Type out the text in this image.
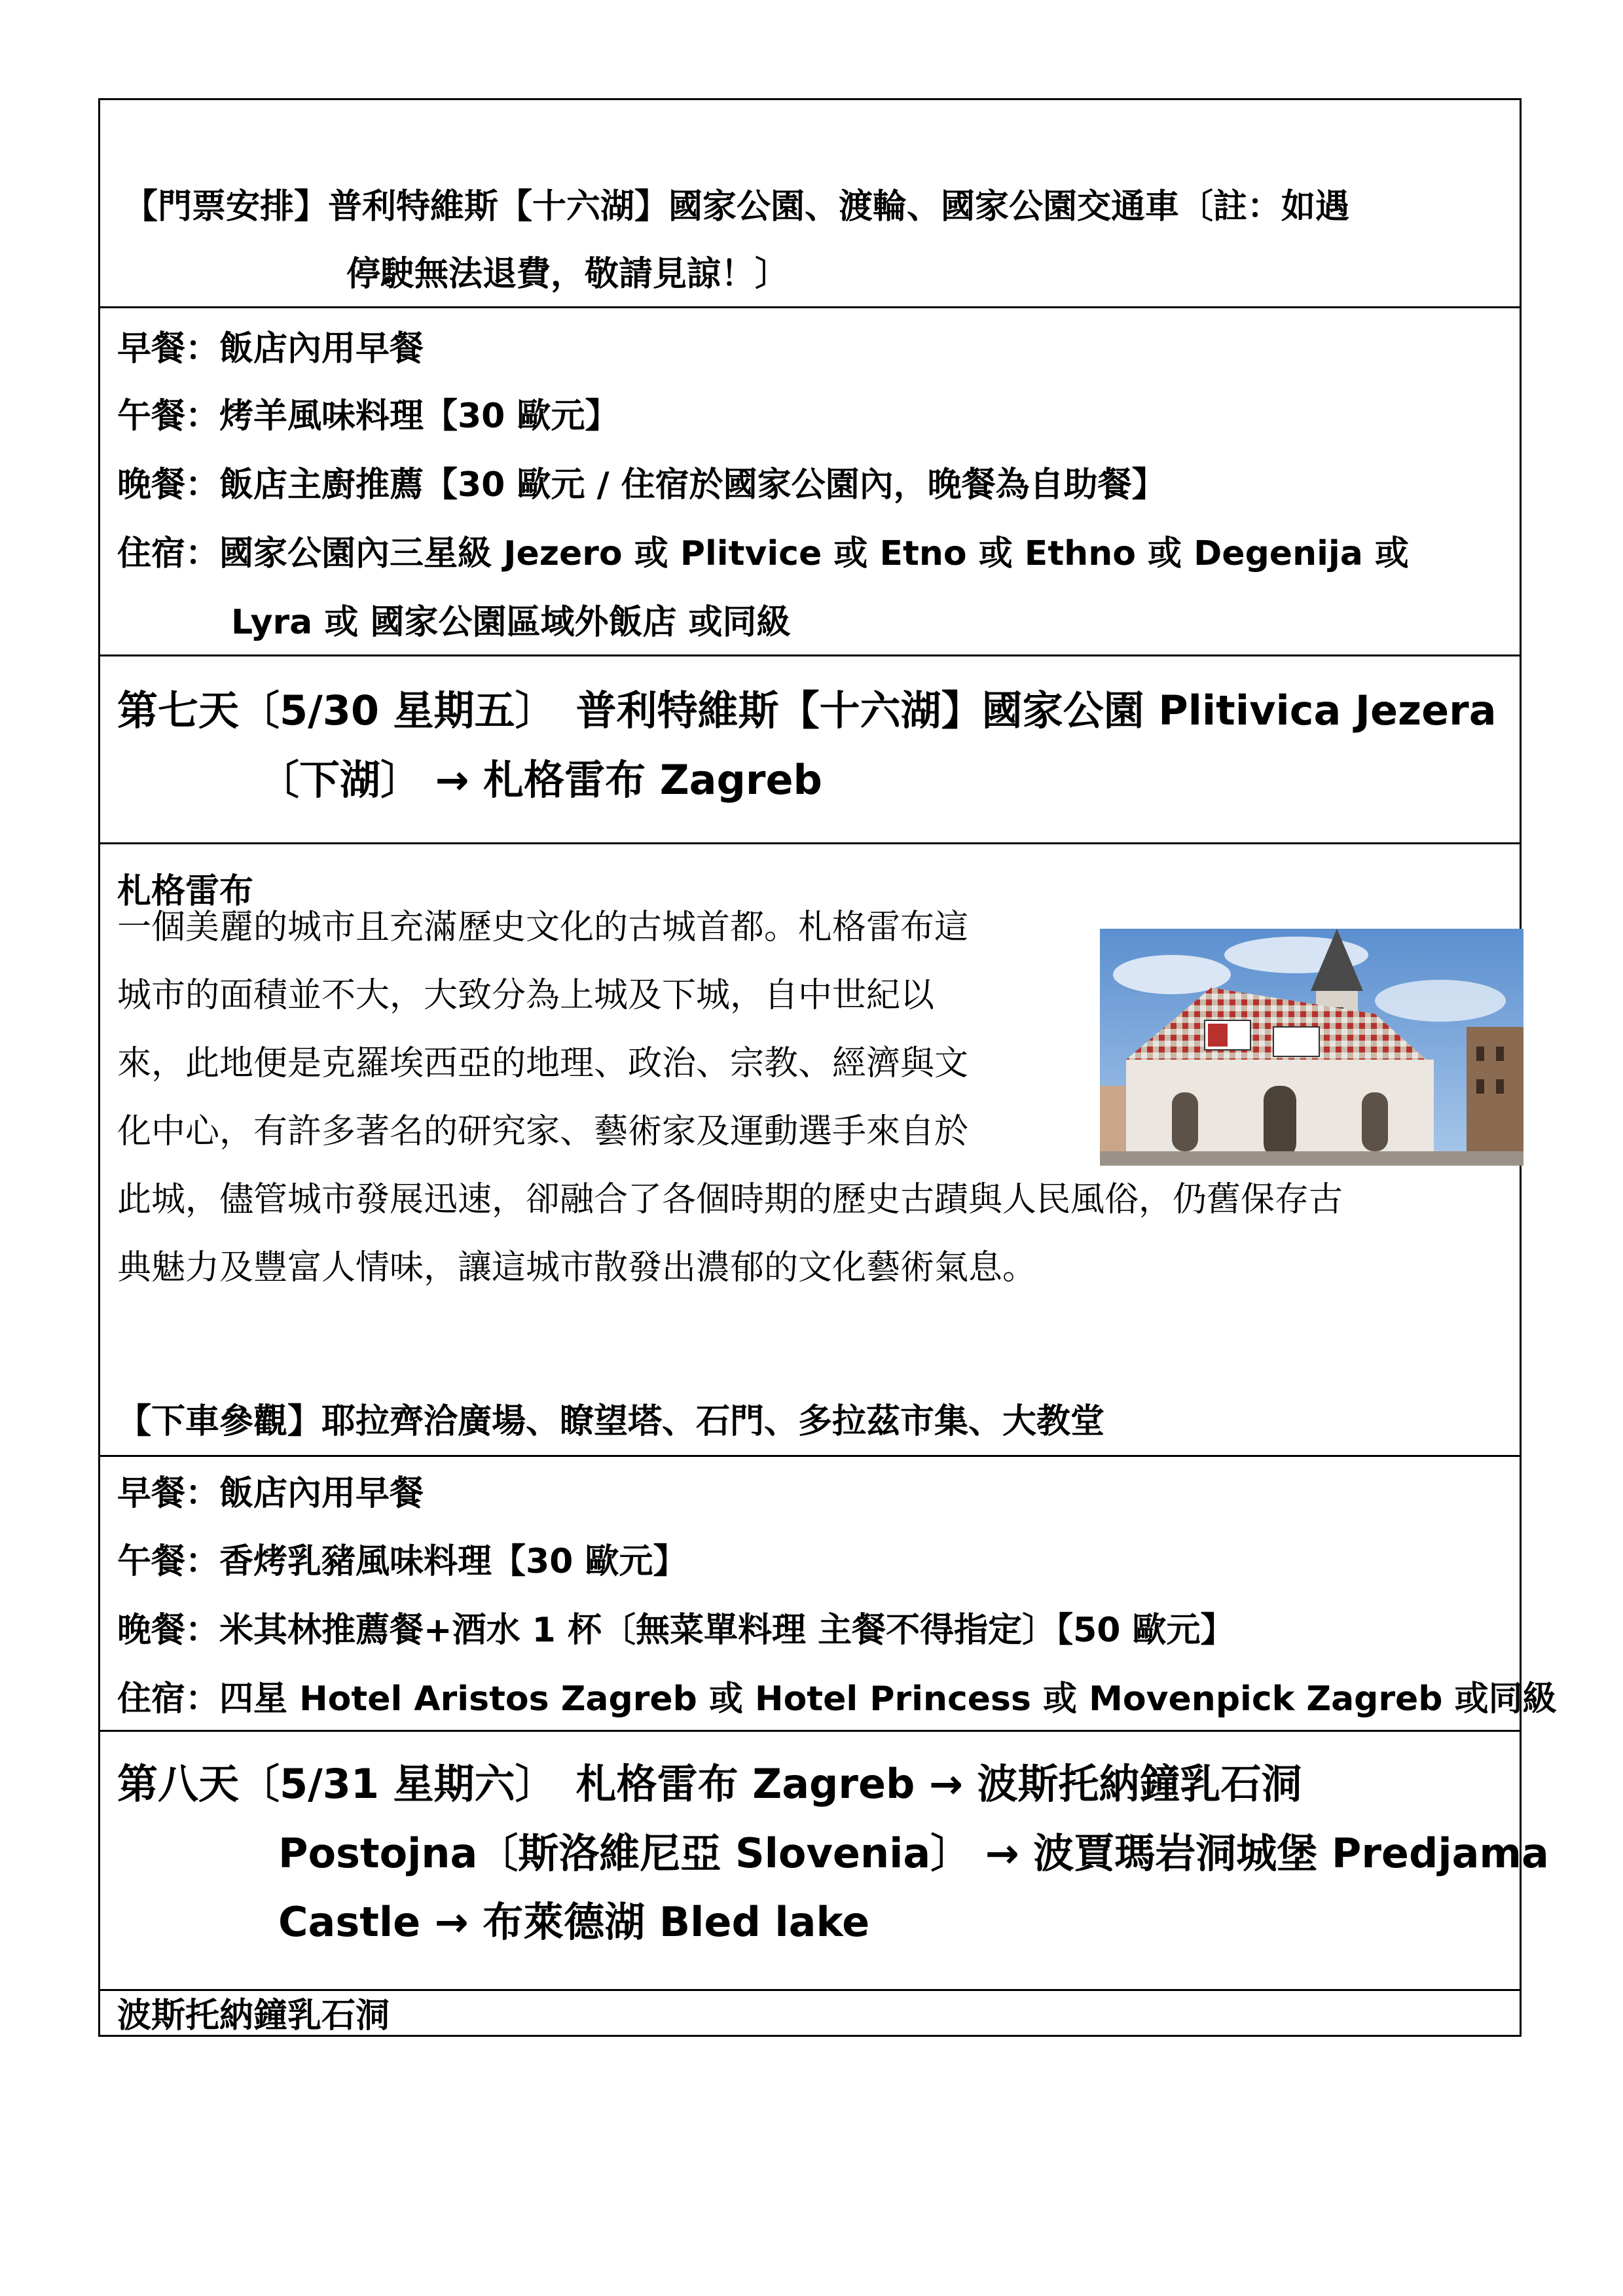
【門票安排】普利特維斯【十六湖】國家公園、渡輪、國家公園交通車〔註：如遇
停駛無法退費，敬請見諒！〕
早餐：飯店內用早餐
午餐：烤羊風味料理【30 歐元】
晚餐：飯店主廚推薦【30 歐元 / 住宿於國家公園內，晚餐為自助餐】
住宿：國家公園內三星級 Jezero 或 Plitvice 或 Etno 或 Ethno 或 Degenija 或
Lyra 或 國家公園區域外飯店 或同級
第七天〔5/30 星期五〕　普利特維斯【十六湖】國家公園 Plitivica Jezera
〔下湖〕 → 札格雷布 Zagreb
札格雷布
一個美麗的城市且充滿歷史文化的古城首都。札格雷布這
城市的面積並不大，大致分為上城及下城，自中世紀以
來，此地便是克羅埃西亞的地理、政治、宗教、經濟與文
化中心，有許多著名的研究家、藝術家及運動選手來自於
此城，儘管城市發展迅速，卻融合了各個時期的歷史古蹟與人民風俗，仍舊保存古
典魅力及豐富人情味，讓這城市散發出濃郁的文化藝術氣息。
【下車參觀】耶拉齊洽廣場、瞭望塔、石門、多拉茲市集、大教堂
早餐：飯店內用早餐
午餐：香烤乳豬風味料理【30 歐元】
晚餐：米其林推薦餐+酒水 1 杯〔無菜單料理 主餐不得指定〕【50 歐元】
住宿：四星 Hotel Aristos Zagreb 或 Hotel Princess 或 Movenpick Zagreb 或同級
第八天〔5/31 星期六〕　札格雷布 Zagreb → 波斯托納鐘乳石洞
Postojna〔斯洛維尼亞 Slovenia〕 → 波賈瑪岩洞城堡 Predjama
Castle → 布萊德湖 Bled lake
波斯托納鐘乳石洞
